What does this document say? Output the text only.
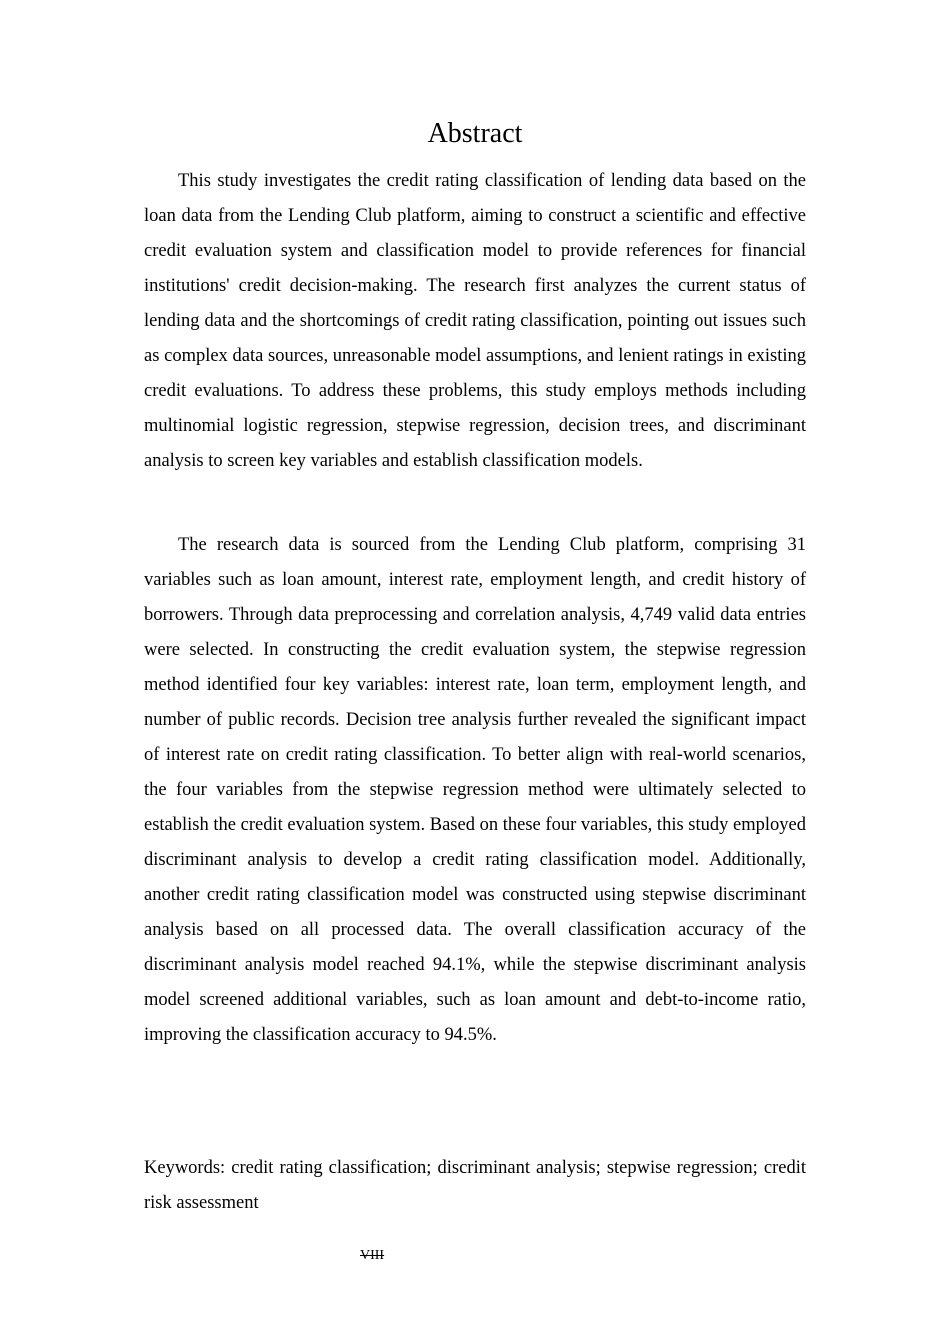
Abstract

This study investigates the credit rating classification of lending data based on the loan data from the Lending Club platform, aiming to construct a scientific and effective credit evaluation system and classification model to provide references for financial institutions' credit decision-making. The research first analyzes the current status of lending data and the shortcomings of credit rating classification, pointing out issues such as complex data sources, unreasonable model assumptions, and lenient ratings in existing credit evaluations. To address these problems, this study employs methods including multinomial logistic regression, stepwise regression, decision trees, and discriminant analysis to screen key variables and establish classification models.

The research data is sourced from the Lending Club platform, comprising 31 variables such as loan amount, interest rate, employment length, and credit history of borrowers. Through data preprocessing and correlation analysis, 4,749 valid data entries were selected. In constructing the credit evaluation system, the stepwise regression method identified four key variables: interest rate, loan term, employment length, and number of public records. Decision tree analysis further revealed the significant impact of interest rate on credit rating classification. To better align with real-world scenarios, the four variables from the stepwise regression method were ultimately selected to establish the credit evaluation system. Based on these four variables, this study employed discriminant analysis to develop a credit rating classification model. Additionally, another credit rating classification model was constructed using stepwise discriminant analysis based on all processed data. The overall classification accuracy of the discriminant analysis model reached 94.1%, while the stepwise discriminant analysis model screened additional variables, such as loan amount and debt-to-income ratio, improving the classification accuracy to 94.5%.

Keywords: credit rating classification; discriminant analysis; stepwise regression; credit risk assessment

VIII
